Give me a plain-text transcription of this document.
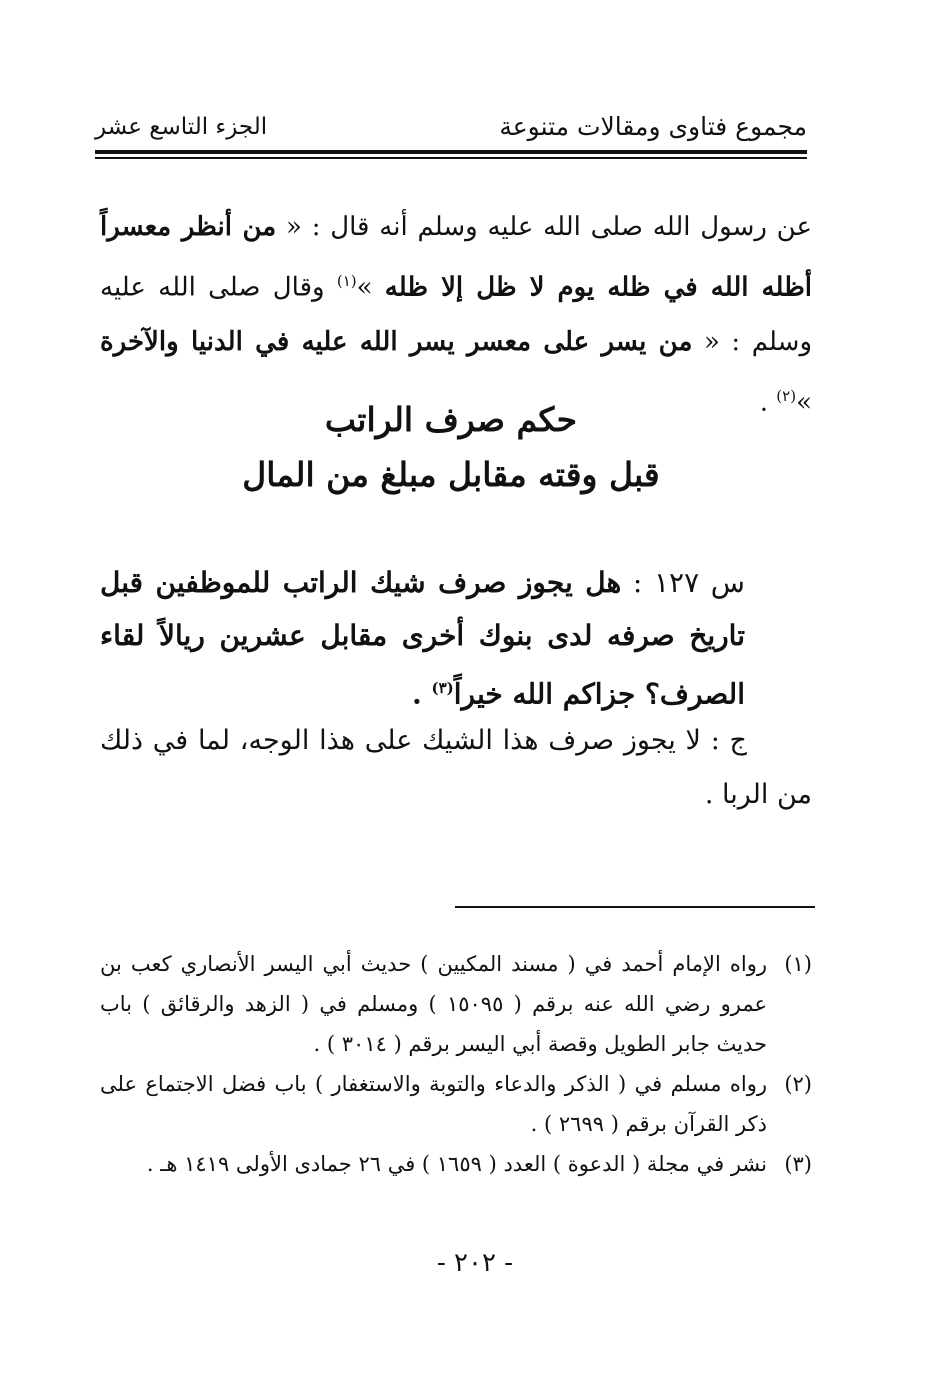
مجموع فتاوى ومقالات متنوعة
الجزء التاسع عشر
عن رسول الله صلى الله عليه وسلم أنه قال : « من أنظر معسراً أظله الله في ظله يوم لا ظل إلا ظله »$^{(١)}$ وقال صلى الله عليه وسلم : « من يسر على معسر يسر الله عليه في الدنيا والآخرة »$^{(٢)}$ .
حكم صرف الراتب
قبل وقته مقابل مبلغ من المال
س ١٢٧ : هل يجوز صرف شيك الراتب للموظفين قبل تاريخ صرفه لدى بنوك أخرى مقابل عشرين ريالاً لقاء الصرف؟ جزاكم الله خيراً$^{(٣)}$ .
ج : لا يجوز صرف هذا الشيك على هذا الوجه، لما في ذلك من الربا .
(١)
رواه الإمام أحمد في ( مسند المكيين ) حديث أبي اليسر الأنصاري كعب بن عمرو رضي الله عنه برقم ( ١٥٠٩٥ ) ومسلم في ( الزهد والرقائق ) باب حديث جابر الطويل وقصة أبي اليسر برقم ( ٣٠١٤ ) .
(٢)
رواه مسلم في ( الذكر والدعاء والتوبة والاستغفار ) باب فضل الاجتماع على ذكر القرآن برقم ( ٢٦٩٩ ) .
(٣)
نشر في مجلة ( الدعوة ) العدد ( ١٦٥٩ ) في ٢٦ جمادى الأولى ١٤١٩ هـ .
- ٢٠٢ -
